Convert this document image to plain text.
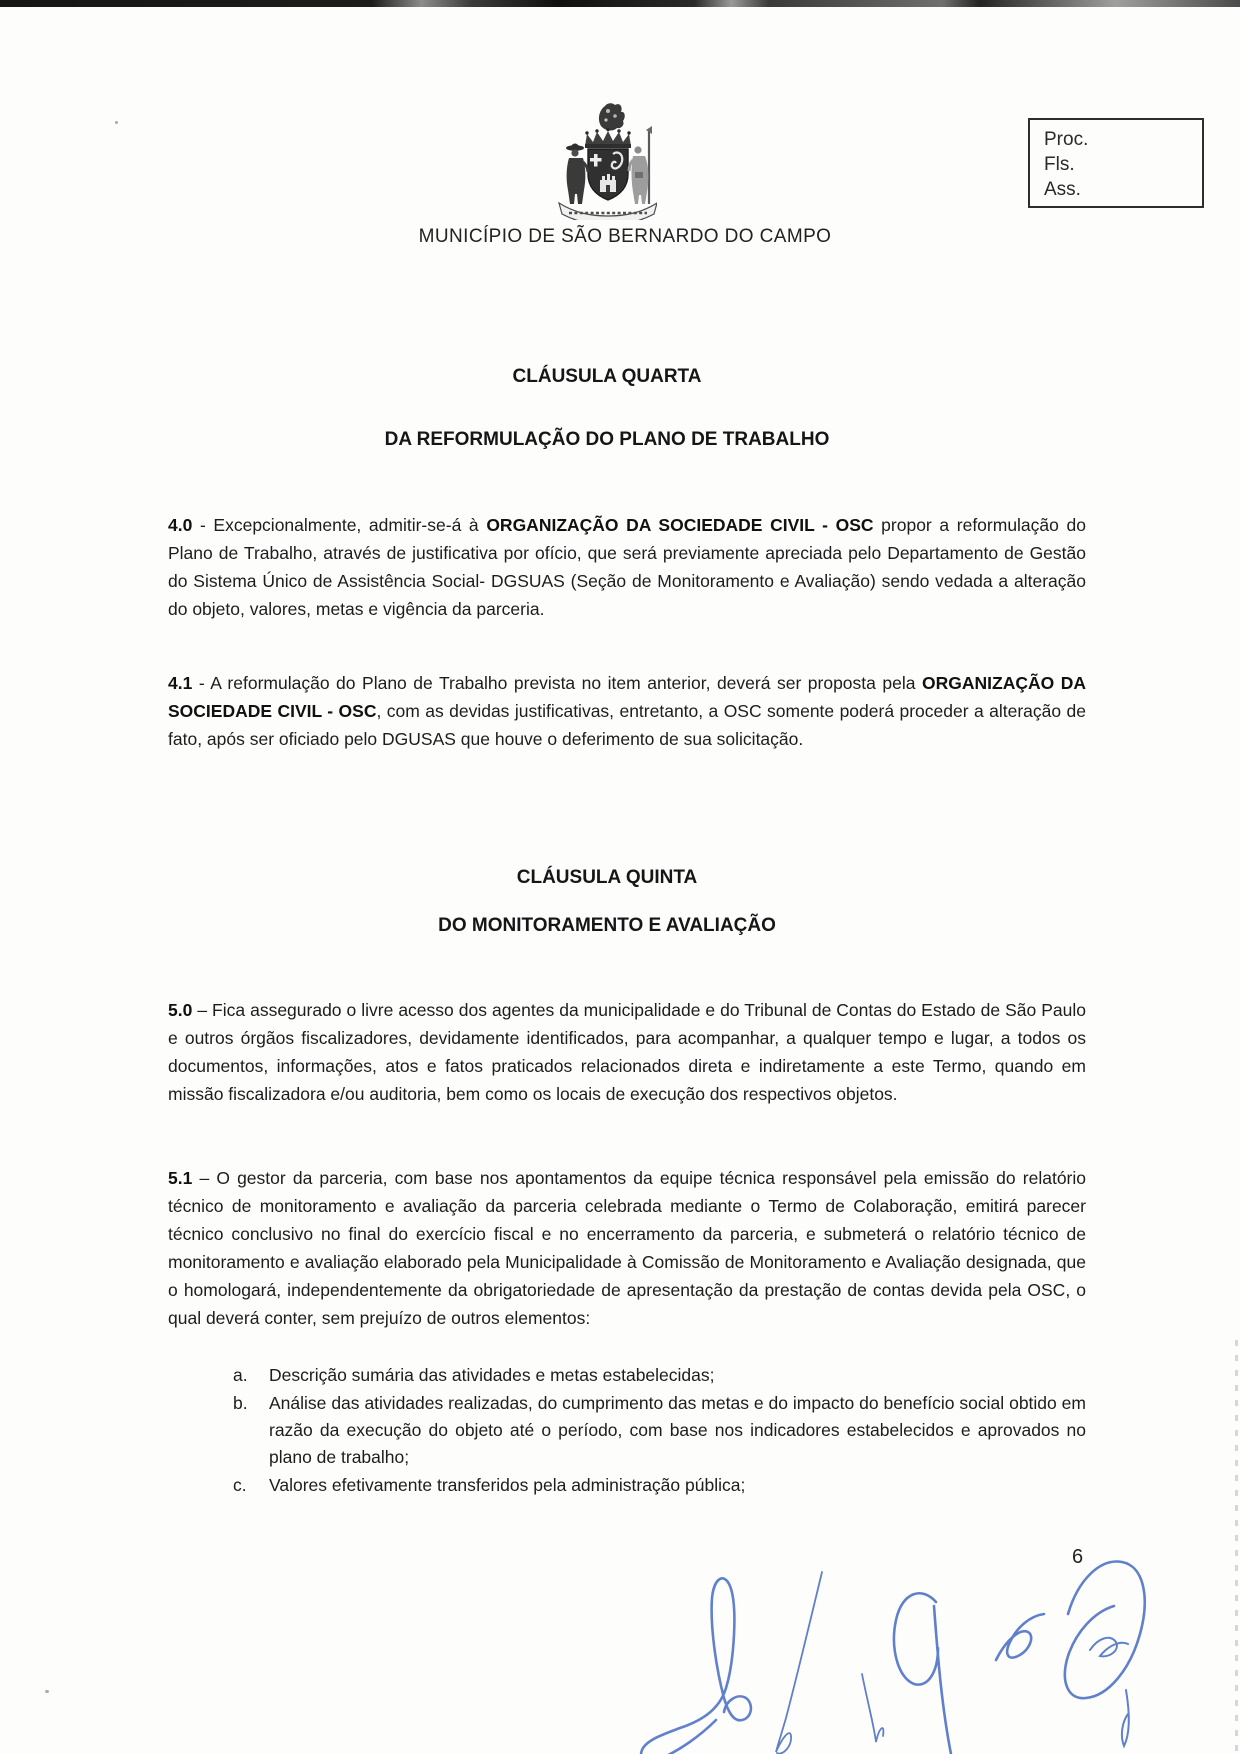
MUNICÍPIO DE SÃO BERNARDO DO CAMPO
Proc.
Fls.
Ass.
CLÁUSULA QUARTA
DA REFORMULAÇÃO DO PLANO DE TRABALHO

4.0 - Excepcionalmente, admitir-se-á à ORGANIZAÇÃO DA SOCIEDADE CIVIL - OSC propor a reformulação do Plano de Trabalho, através de justificativa por ofício, que será previamente apreciada pelo Departamento de Gestão do Sistema Único de Assistência Social- DGSUAS (Seção de Monitoramento e Avaliação) sendo vedada a alteração do objeto, valores, metas e vigência da parceria.

4.1 - A reformulação do Plano de Trabalho prevista no item anterior, deverá ser proposta pela ORGANIZAÇÃO DA SOCIEDADE CIVIL - OSC, com as devidas justificativas, entretanto, a OSC somente poderá proceder a alteração de fato, após ser oficiado pelo DGUSAS que houve o deferimento de sua solicitação.

CLÁUSULA QUINTA
DO MONITORAMENTO E AVALIAÇÃO

5.0 – Fica assegurado o livre acesso dos agentes da municipalidade e do Tribunal de Contas do Estado de São Paulo e outros órgãos fiscalizadores, devidamente identificados, para acompanhar, a qualquer tempo e lugar, a todos os documentos, informações, atos e fatos praticados relacionados direta e indiretamente a este Termo, quando em missão fiscalizadora e/ou auditoria, bem como os locais de execução dos respectivos objetos.

5.1 – O gestor da parceria, com base nos apontamentos da equipe técnica responsável pela emissão do relatório técnico de monitoramento e avaliação da parceria celebrada mediante o Termo de Colaboração, emitirá parecer técnico conclusivo no final do exercício fiscal e no encerramento da parceria, e submeterá o relatório técnico de monitoramento e avaliação elaborado pela Municipalidade à Comissão de Monitoramento e Avaliação designada, que o homologará, independentemente da obrigatoriedade de apresentação da prestação de contas devida pela OSC, o qual deverá conter, sem prejuízo de outros elementos:

a.	Descrição sumária das atividades e metas estabelecidas;
b.	Análise das atividades realizadas, do cumprimento das metas e do impacto do benefício social obtido em razão da execução do objeto até o período, com base nos indicadores estabelecidos e aprovados no plano de trabalho;
c.	Valores efetivamente transferidos pela administração pública;
6
